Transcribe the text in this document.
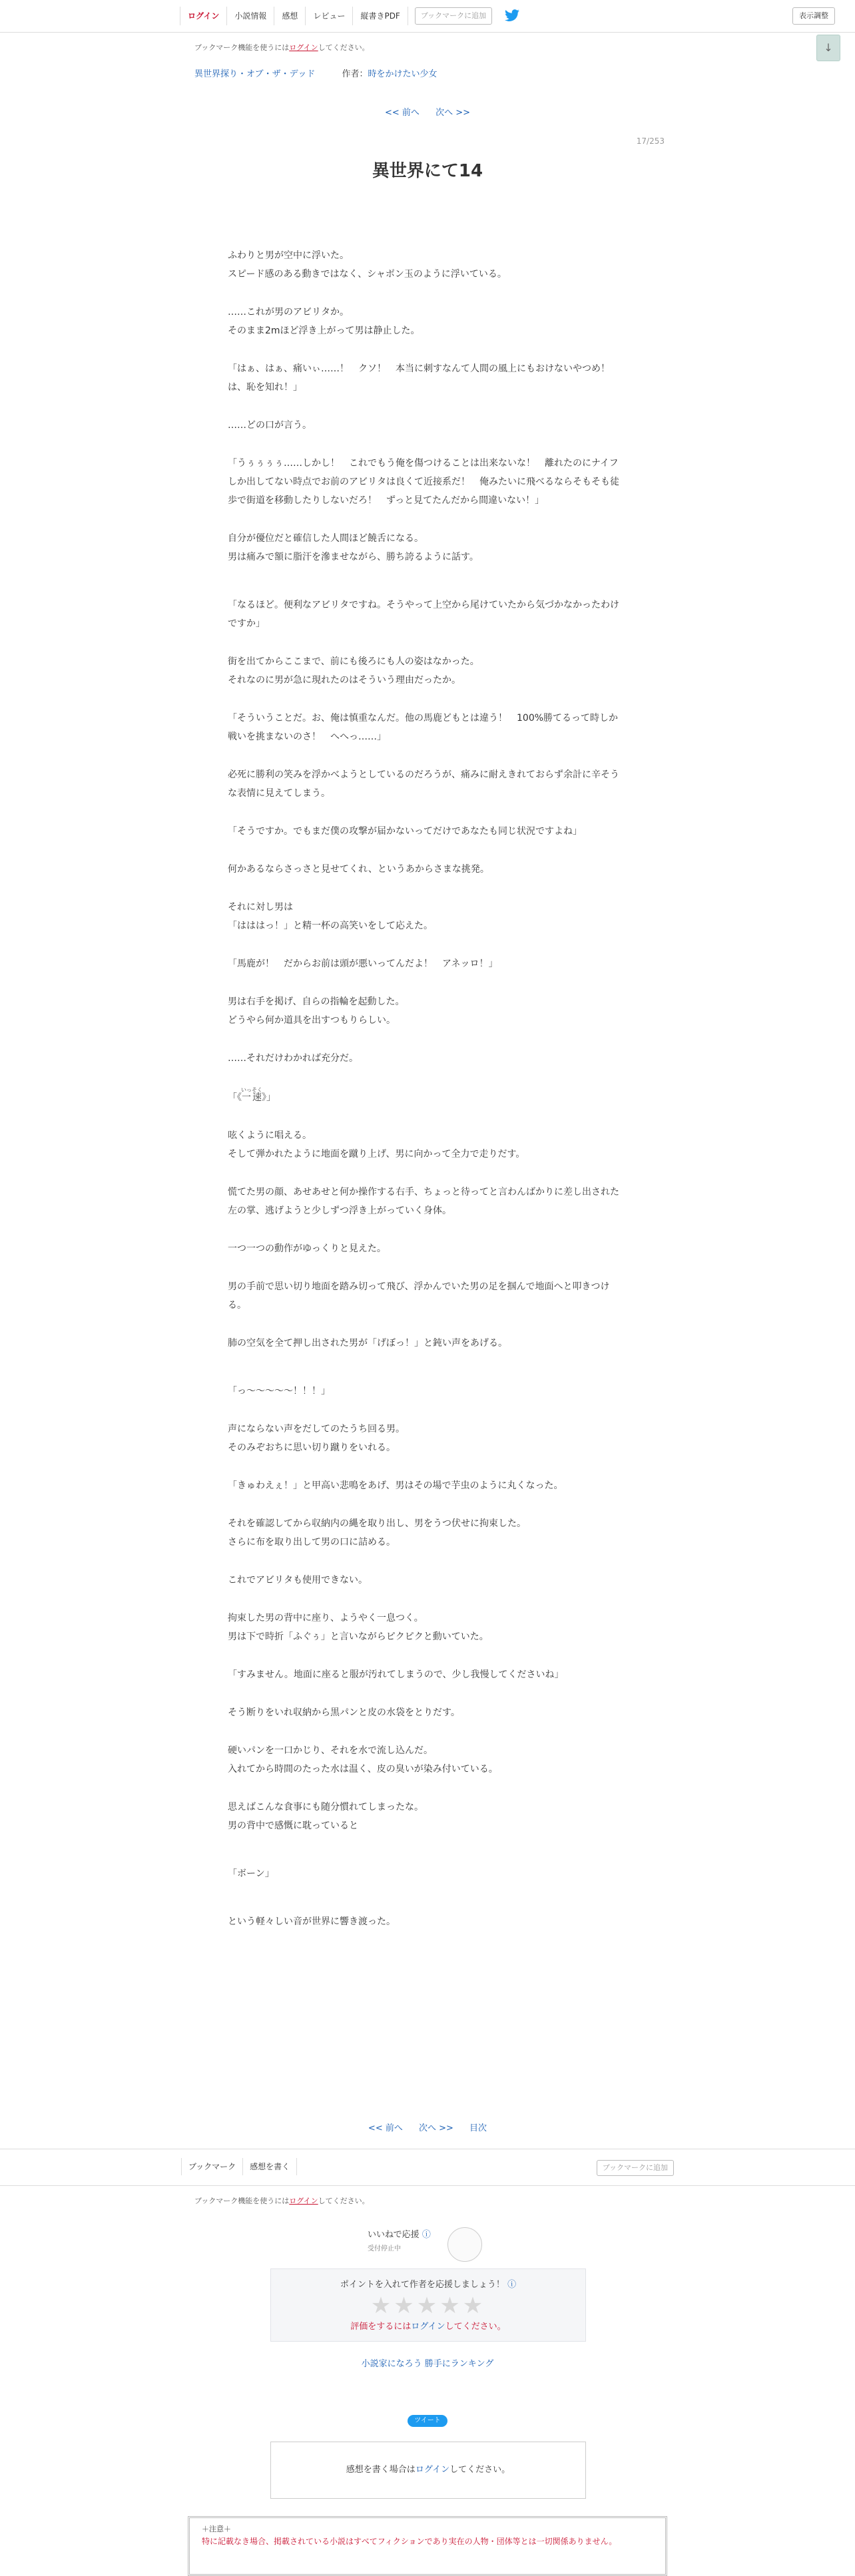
ログイン	小説情報	感想	レビュー	縦書きPDF	ブックマークに追加	表示調整
ブックマーク機能を使うにはログインしてください。	↓
異世界探り・オブ・ザ・デッド	作者：時をかけたい少女
<< 前へ 次へ >>
17/253
異世界にて14

ふわりと男が空中に浮いた。
スピード感のある動きではなく、シャボン玉のように浮いている。

……これが男のアビリタか。
そのまま2mほど浮き上がって男は静止した。

「はぁ、はぁ、痛いぃ……！　クソ！　本当に刺すなんて人間の風上にもおけないやつめ！　は、恥を知れ！」

……どの口が言う。

「うぅぅぅぅ……しかし！　これでもう俺を傷つけることは出来ないな！　離れたのにナイフしか出してない時点でお前のアビリタは良くて近接系だ！　俺みたいに飛べるならそもそも徒歩で街道を移動したりしないだろ！　ずっと見てたんだから間違いない！」

自分が優位だと確信した人間ほど饒舌になる。
男は痛みで額に脂汗を滲ませながら、勝ち誇るように話す。

「なるほど。便利なアビリタですね。そうやって上空から尾けていたから気づかなかったわけですか」

街を出てからここまで、前にも後ろにも人の姿はなかった。
それなのに男が急に現れたのはそういう理由だったか。

「そういうことだ。お、俺は慎重なんだ。他の馬鹿どもとは違う！　100%勝てるって時しか戦いを挑まないのさ！　へへっ……」

必死に勝利の笑みを浮かべようとしているのだろうが、痛みに耐えきれておらず余計に辛そうな表情に見えてしまう。

「そうですか。でもまだ僕の攻撃が届かないってだけであなたも同じ状況ですよね」

何かあるならさっさと見せてくれ、というあからさまな挑発。

それに対し男は
「はははっ！」と精一杯の高笑いをして応えた。

「馬鹿が！　だからお前は頭が悪いってんだよ！　アネッロ！」

男は右手を掲げ、自らの指輪を起動した。
どうやら何か道具を出すつもりらしい。

……それだけわかれば充分だ。

「《一速いっそく》」

呟くように唱える。
そして弾かれたように地面を蹴り上げ、男に向かって全力で走りだす。

慌てた男の顔、あせあせと何か操作する右手、ちょっと待ってと言わんばかりに差し出された左の掌、逃げようと少しずつ浮き上がっていく身体。

一つ一つの動作がゆっくりと見えた。

男の手前で思い切り地面を踏み切って飛び、浮かんでいた男の足を掴んで地面へと叩きつける。

肺の空気を全て押し出された男が「げぼっ！」と鈍い声をあげる。

「っ〜〜〜〜〜！！！」

声にならない声をだしてのたうち回る男。
そのみぞおちに思い切り蹴りをいれる。

「きゅわえぇ！」と甲高い悲鳴をあげ、男はその場で芋虫のように丸くなった。

それを確認してから収納内の縄を取り出し、男をうつ伏せに拘束した。
さらに布を取り出して男の口に詰める。

これでアビリタも使用できない。

拘束した男の背中に座り、ようやく一息つく。
男は下で時折「ふぐぅ」と言いながらピクピクと動いていた。

「すみません。地面に座ると服が汚れてしまうので、少し我慢してくださいね」

そう断りをいれ収納から黒パンと皮の水袋をとりだす。

硬いパンを一口かじり、それを水で流し込んだ。
入れてから時間のたった水は温く、皮の臭いが染み付いている。

思えばこんな食事にも随分慣れてしまったな。
男の背中で感慨に耽っていると

「ボーン」

という軽々しい音が世界に響き渡った。

<< 前へ 次へ >> 目次
ブックマーク	感想を書く	ブックマークに追加
ブックマーク機能を使うにはログインしてください。
いいねで応援 ⓘ
受付停止中
ポイントを入れて作者を応援しましょう！ ⓘ
★★★★★
評価をするにはログインしてください。
小説家になろう 勝手にランキング
ツイート
感想を書く場合はログインしてください。
＋注意＋
特に記載なき場合、掲載されている小説はすべてフィクションであり実在の人物・団体等とは一切関係ありません。
